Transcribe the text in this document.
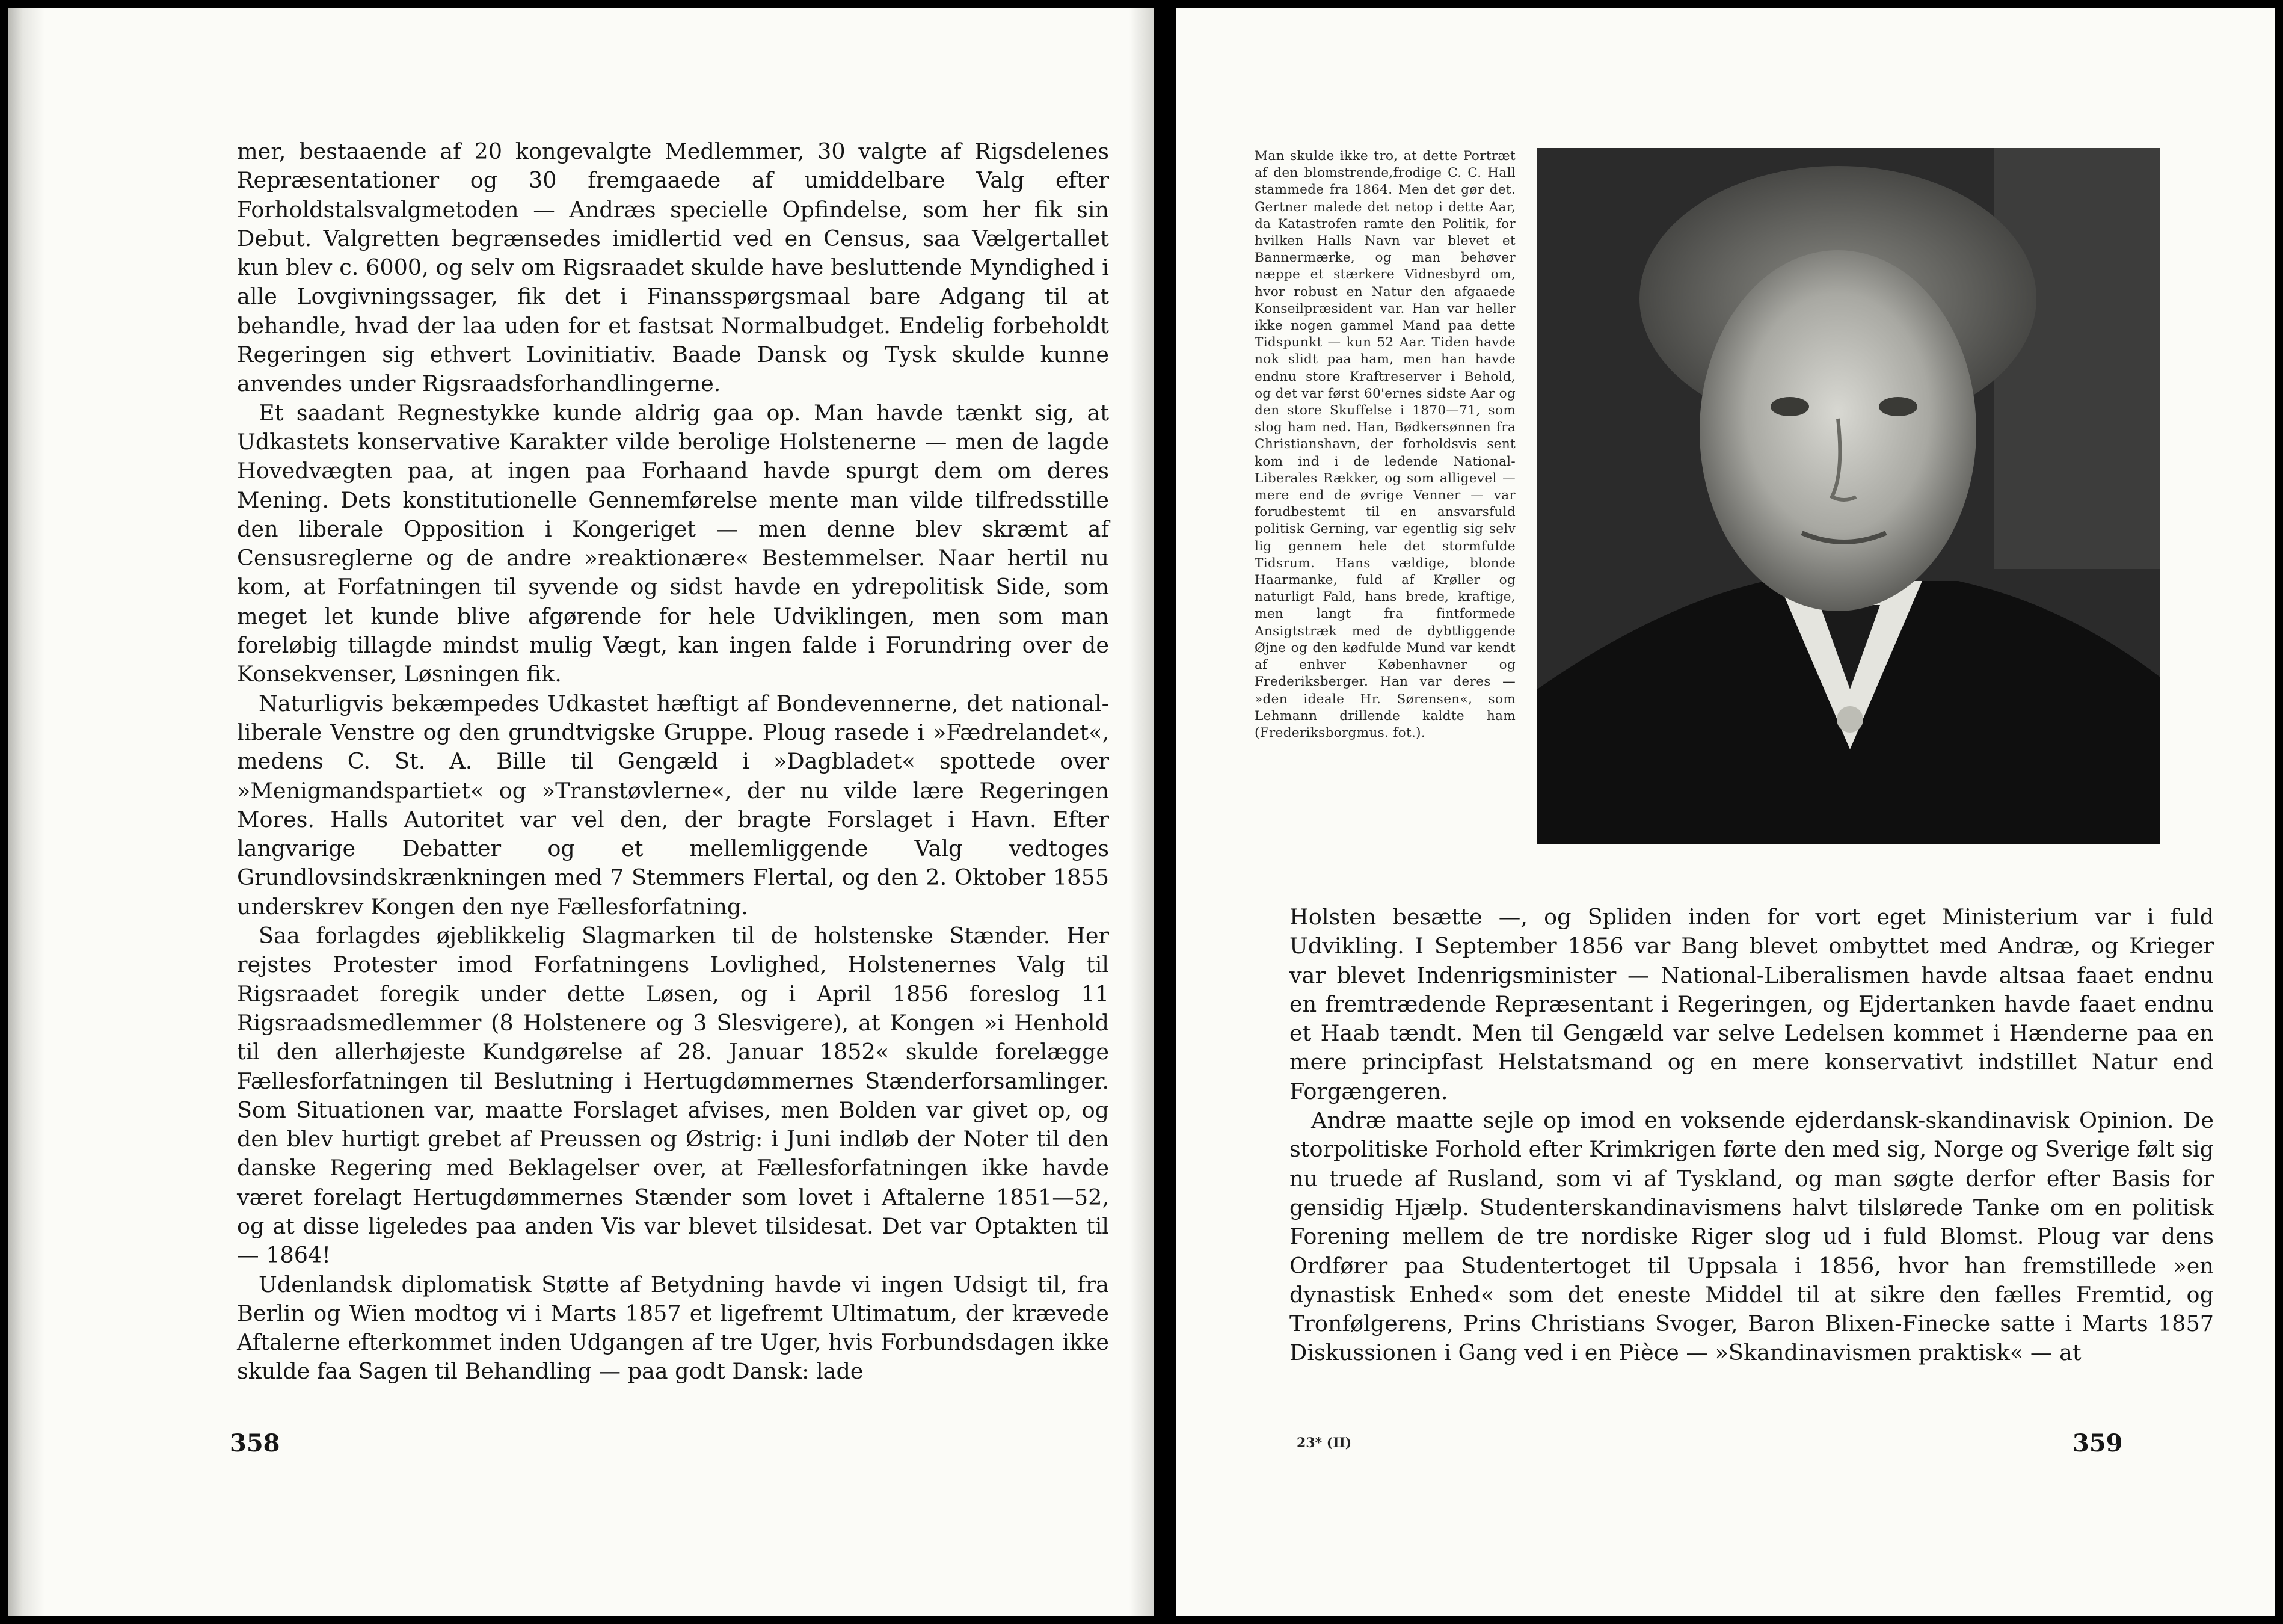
mer, bestaaende af 20 kongevalgte Medlemmer, 30 valgte af Rigsdelenes Repræsentationer og 30 fremgaaede af umiddelbare Valg efter Forholdstalsvalgmetoden — Andræs specielle Opfindelse, som her fik sin Debut. Valgretten begrænsedes imidlertid ved en Census, saa Vælgertallet kun blev c. 6000, og selv om Rigsraadet skulde have besluttende Myndighed i alle Lovgivningssager, fik det i Finansspørgsmaal bare Adgang til at behandle, hvad der laa uden for et fastsat Normalbudget. Endelig forbeholdt Regeringen sig ethvert Lovinitiativ. Baade Dansk og Tysk skulde kunne anvendes under Rigsraadsforhandlingerne.

Et saadant Regnestykke kunde aldrig gaa op. Man havde tænkt sig, at Udkastets konservative Karakter vilde berolige Holstenerne — men de lagde Hovedvægten paa, at ingen paa Forhaand havde spurgt dem om deres Mening. Dets konstitutionelle Gennemførelse mente man vilde tilfredsstille den liberale Opposition i Kongeriget — men denne blev skræmt af Censusreglerne og de andre »reaktionære« Bestemmelser. Naar hertil nu kom, at Forfatningen til syvende og sidst havde en ydrepolitisk Side, som meget let kunde blive afgørende for hele Udviklingen, men som man foreløbig tillagde mindst mulig Vægt, kan ingen falde i Forundring over de Konsekvenser, Løsningen fik.

Naturligvis bekæmpedes Udkastet hæftigt af Bondevennerne, det national-liberale Venstre og den grundtvigske Gruppe. Ploug rasede i »Fædrelandet«, medens C. St. A. Bille til Gengæld i »Dagbladet« spottede over »Menigmandspartiet« og »Transtøvlerne«, der nu vilde lære Regeringen Mores. Halls Autoritet var vel den, der bragte Forslaget i Havn. Efter langvarige Debatter og et mellemliggende Valg vedtoges Grundlovsindskrænkningen med 7 Stemmers Flertal, og den 2. Oktober 1855 underskrev Kongen den nye Fællesforfatning.

Saa forlagdes øjeblikkelig Slagmarken til de holstenske Stænder. Her rejstes Protester imod Forfatningens Lovlighed, Holstenernes Valg til Rigsraadet foregik under dette Løsen, og i April 1856 foreslog 11 Rigsraadsmedlemmer (8 Holstenere og 3 Slesvigere), at Kongen »i Henhold til den allerhøjeste Kundgørelse af 28. Januar 1852« skulde forelægge Fællesforfatningen til Beslutning i Hertugdømmernes Stænderforsamlinger. Som Situationen var, maatte Forslaget afvises, men Bolden var givet op, og den blev hurtigt grebet af Preussen og Østrig: i Juni indløb der Noter til den danske Regering med Beklagelser over, at Fællesforfatningen ikke havde været forelagt Hertugdømmernes Stænder som lovet i Aftalerne 1851—52, og at disse ligeledes paa anden Vis var blevet tilsidesat. Det var Optakten til — 1864!

Udenlandsk diplomatisk Støtte af Betydning havde vi ingen Udsigt til, fra Berlin og Wien modtog vi i Marts 1857 et ligefremt Ultimatum, der krævede Aftalerne efterkommet inden Udgangen af tre Uger, hvis Forbundsdagen ikke skulde faa Sagen til Behandling — paa godt Dansk: lade

358
Man skulde ikke tro, at dette Portræt af den blomstrende,frodige C. C. Hall stammede fra 1864. Men det gør det. Gertner malede det netop i dette Aar, da Katastrofen ramte den Politik, for hvilken Halls Navn var blevet et Bannermærke, og man behøver næppe et stærkere Vidnesbyrd om, hvor robust en Natur den afgaaede Konseilpræsident var. Han var heller ikke nogen gammel Mand paa dette Tidspunkt — kun 52 Aar. Tiden havde nok slidt paa ham, men han havde endnu store Kraftreserver i Behold, og det var først 60'ernes sidste Aar og den store Skuffelse i 1870—71, som slog ham ned. Han, Bødkersønnen fra Christianshavn, der forholdsvis sent kom ind i de ledende National-Liberales Rækker, og som alligevel — mere end de øvrige Venner — var forudbestemt til en ansvarsfuld politisk Gerning, var egentlig sig selv lig gennem hele det stormfulde Tidsrum. Hans vældige, blonde Haarmanke, fuld af Krøller og naturligt Fald, hans brede, kraftige, men langt fra fintformede Ansigtstræk med de dybtliggende Øjne og den kødfulde Mund var kendt af enhver Københavner og Frederiksberger. Han var deres — »den ideale Hr. Sørensen«, som Lehmann drillende kaldte ham (Frederiksborgmus. fot.).

Holsten besætte —, og Spliden inden for vort eget Ministerium var i fuld Udvikling. I September 1856 var Bang blevet ombyttet med Andræ, og Krieger var blevet Indenrigsminister — National-Liberalismen havde altsaa faaet endnu en fremtrædende Repræsentant i Regeringen, og Ejdertanken havde faaet endnu et Haab tændt. Men til Gengæld var selve Ledelsen kommet i Hænderne paa en mere principfast Helstatsmand og en mere konservativt indstillet Natur end Forgængeren.

Andræ maatte sejle op imod en voksende ejderdansk-skandinavisk Opinion. De storpolitiske Forhold efter Krimkrigen førte den med sig, Norge og Sverige følt sig nu truede af Rusland, som vi af Tyskland, og man søgte derfor efter Basis for gensidig Hjælp. Studenterskandinavismens halvt tilslørede Tanke om en politisk Forening mellem de tre nordiske Riger slog ud i fuld Blomst. Ploug var dens Ordfører paa Studentertoget til Uppsala i 1856, hvor han fremstillede »en dynastisk Enhed« som det eneste Middel til at sikre den fælles Fremtid, og Tronfølgerens, Prins Christians Svoger, Baron Blixen-Finecke satte i Marts 1857 Diskussionen i Gang ved i en Pièce — »Skandinavismen praktisk« — at

23* (II)	359
